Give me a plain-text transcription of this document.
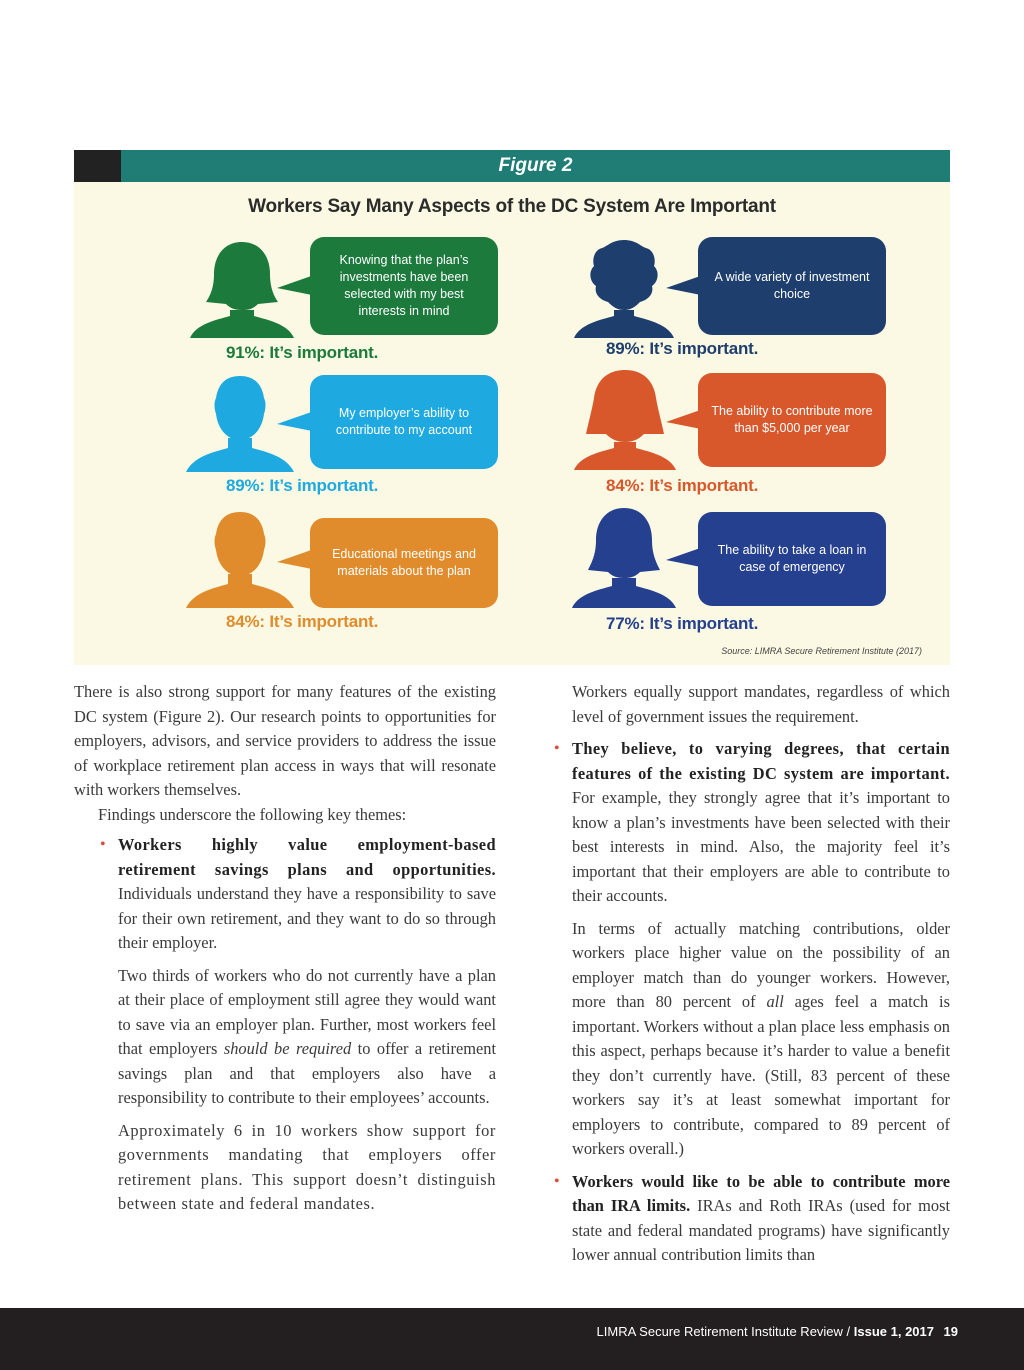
Figure 2
Workers Say Many Aspects of the DC System Are Important
Knowing that the plan’s investments have been selected with my best interests in mind
91%: It’s important.
A wide variety of investment choice
89%: It’s important.
My employer’s ability to contribute to my account
89%: It’s important.
The ability to contribute more than $5,000 per year
84%: It’s important.
Educational meetings and materials about the plan
84%: It’s important.
The ability to take a loan in case of emergency
77%: It’s important.
Source: LIMRA Secure Retirement Institute (2017)

There is also strong support for many features of the existing DC system (Figure 2). Our research points to opportunities for employers, advisors, and service providers to address the issue of workplace retirement plan access in ways that will resonate with workers themselves.

Findings underscore the following key themes:

• Workers highly value employment-based retirement savings plans and opportunities. Individuals understand they have a responsibility to save for their own retirement, and they want to do so through their employer.

Two thirds of workers who do not currently have a plan at their place of employment still agree they would want to save via an employer plan. Further, most workers feel that employers should be required to offer a retirement savings plan and that employers also have a responsibility to contribute to their employees’ accounts.

Approximately 6 in 10 workers show support for governments mandating that employers offer retirement plans. This support doesn’t distinguish between state and federal mandates.

Workers equally support mandates, regardless of which level of government issues the requirement.

• They believe, to varying degrees, that certain features of the existing DC system are important. For example, they strongly agree that it’s important to know a plan’s investments have been selected with their best interests in mind. Also, the majority feel it’s important that their employers are able to contribute to their accounts.

In terms of actually matching contributions, older workers place higher value on the possibility of an employer match than do younger workers. However, more than 80 percent of all ages feel a match is important. Workers without a plan place less emphasis on this aspect, perhaps because it’s harder to value a benefit they don’t currently have. (Still, 83 percent of these workers say it’s at least somewhat important for employers to contribute, compared to 89 percent of workers overall.)

• Workers would like to be able to contribute more than IRA limits. IRAs and Roth IRAs (used for most state and federal mandated programs) have significantly lower annual contribution limits than

LIMRA Secure Retirement Institute Review / Issue 1, 2017 19
